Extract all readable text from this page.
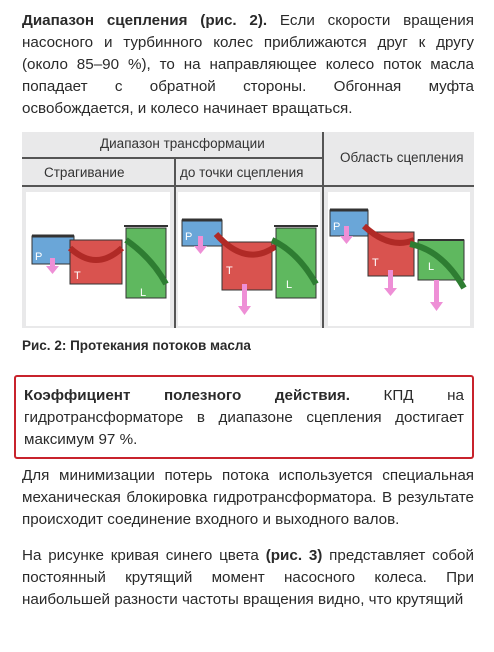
Диапазон сцепления (рис. 2). Если скорости вращения насосного и турбинного колес приближаются друг к другу (около 85–90 %), то на направляющее колесо поток масла попадает с обратной стороны. Обгонная муфта освобождается, и колесо начинает вращаться.
Диапазон трансформации
Область сцепления
Страгивание	до точки сцепления
P
T
L
P
T
L
P
T	L
Рис. 2: Протекания потоков масла
Коэффициент полезного действия. КПД на гидротрансформаторе в диапазоне сцепления достигает максимум 97 %.
Для минимизации потерь потока используется специальная механическая блокировка гидротрансформатора. В результате происходит соединение входного и выходного валов.
На рисунке кривая синего цвета (рис. 3) представляет собой постоянный крутящий момент насосного колеса. При наибольшей разности частоты вращения видно, что крутящий
